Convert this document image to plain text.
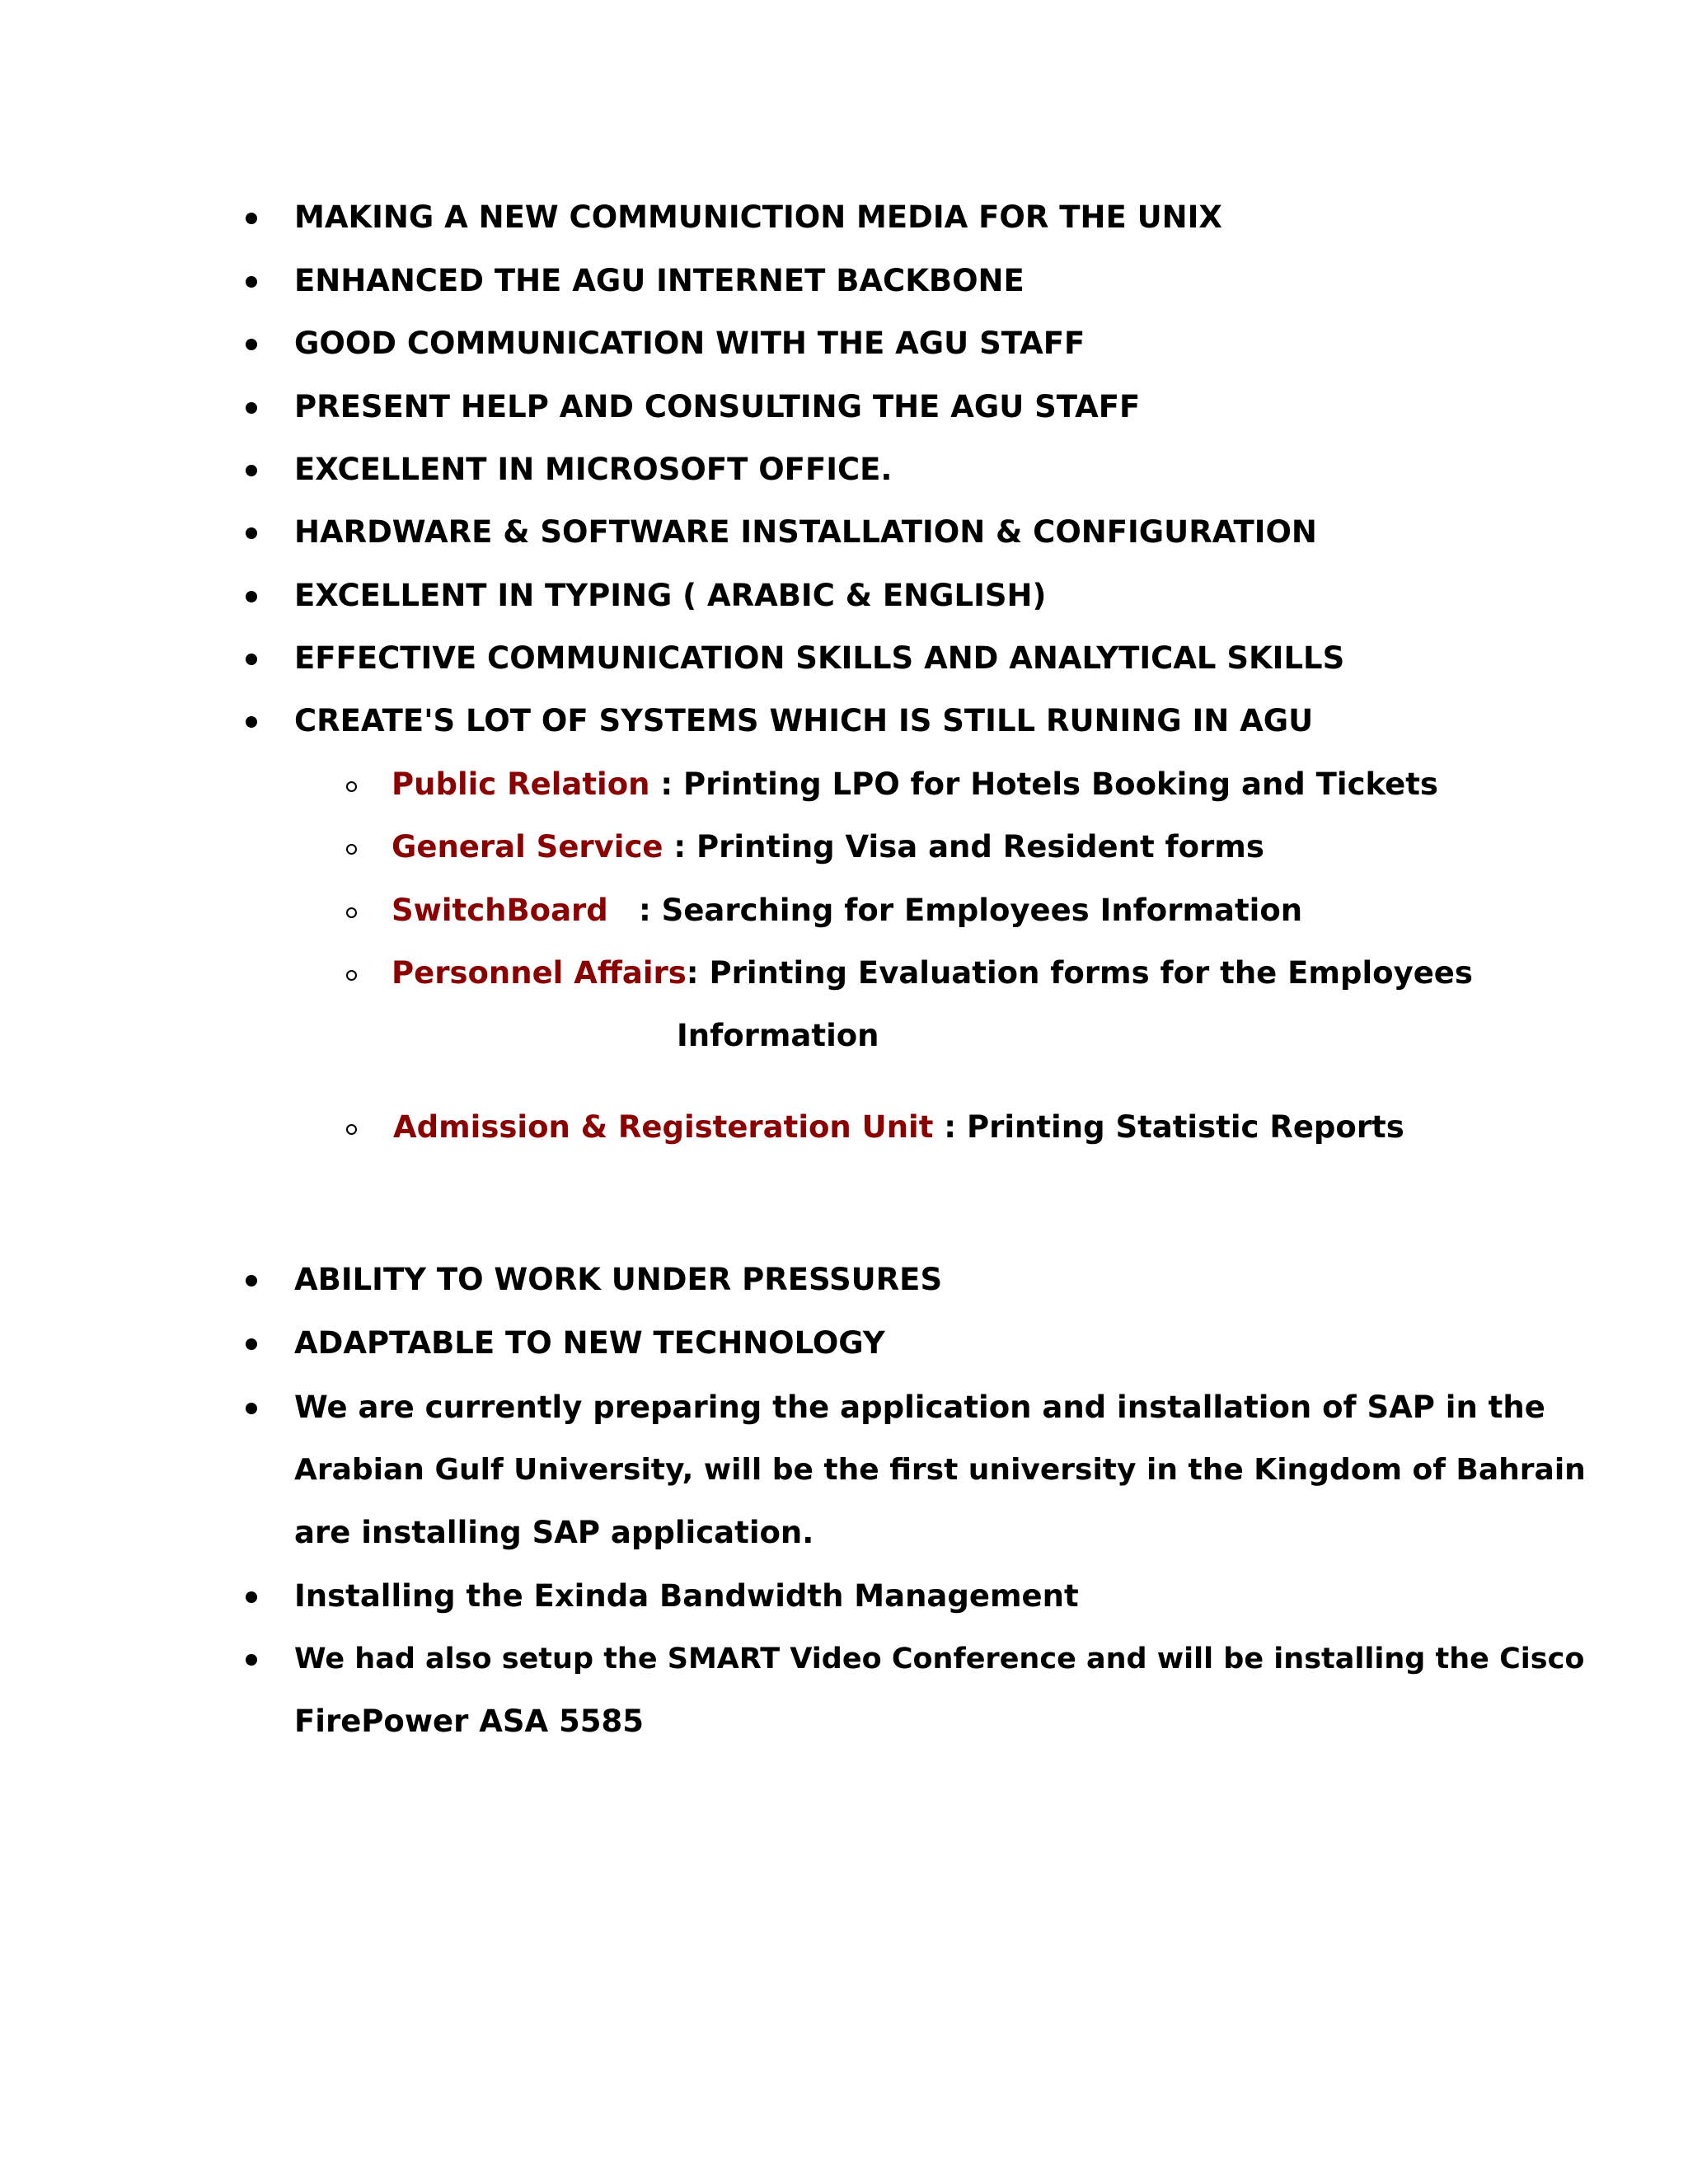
MAKING A NEW COMMUNICTION MEDIA FOR THE UNIX
ENHANCED THE AGU INTERNET BACKBONE
GOOD COMMUNICATION WITH THE AGU STAFF
PRESENT HELP AND CONSULTING THE AGU STAFF
EXCELLENT IN MICROSOFT OFFICE.
HARDWARE & SOFTWARE INSTALLATION & CONFIGURATION
EXCELLENT IN TYPING ( ARABIC & ENGLISH)
EFFECTIVE COMMUNICATION SKILLS AND ANALYTICAL SKILLS
CREATE'S LOT OF SYSTEMS WHICH IS STILL RUNING IN AGU
Public Relation : Printing LPO for Hotels Booking and Tickets
General Service : Printing Visa and Resident forms
SwitchBoard : Searching for Employees Information
Personnel Affairs: Printing Evaluation forms for the Employees
Information
Admission & Registeration Unit : Printing Statistic Reports
ABILITY TO WORK UNDER PRESSURES
ADAPTABLE TO NEW TECHNOLOGY
We are currently preparing the application and installation of SAP in the
Arabian Gulf University, will be the first university in the Kingdom of Bahrain
are installing SAP application.
Installing the Exinda Bandwidth Management
We had also setup the SMART Video Conference and will be installing the Cisco
FirePower ASA 5585
